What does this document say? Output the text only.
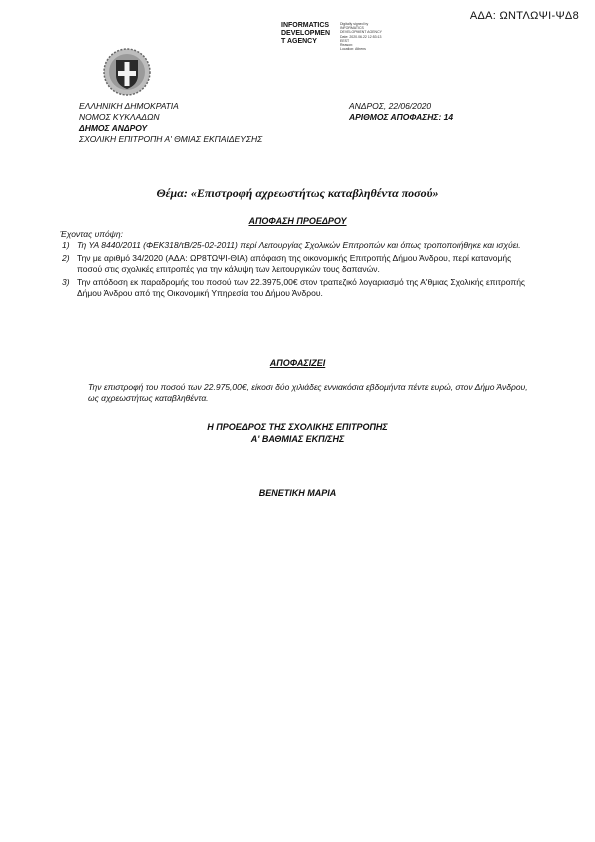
ΑΔΑ: ΩΝΤΛΩΨΙ-ΨΔ8
INFORMATICS
DEVELOPMEN
T AGENCY
Digitally signed by
INFORMATICS
DEVELOPMENT AGENCY
Date: 2020.06.22 12:53:13
EEST
Reason:
Location: Athens
ΕΛΛΗΝΙΚΗ ΔΗΜΟΚΡΑΤΙΑ
ΝΟΜΟΣ ΚΥΚΛΑΔΩΝ
ΔΗΜΟΣ ΑΝΔΡΟΥ
ΣΧΟΛΙΚΗ ΕΠΙΤΡΟΠΗ Α' ΘΜΙΑΣ ΕΚΠΑΙΔΕΥΣΗΣ
ΑΝΔΡΟΣ, 22/06/2020
ΑΡΙΘΜΟΣ ΑΠΟΦΑΣΗΣ: 14
Θέμα: «Επιστροφή αχρεωστήτως καταβληθέντα ποσού»
ΑΠΟΦΑΣΗ ΠΡΟΕΔΡΟΥ
Έχοντας υπόψη:
1) Τη ΥΑ 8440/2011 (ΦΕΚ318/τΒ/25-02-2011) περί Λειτουργίας Σχολικών Επιτροπών και όπως τροποποιήθηκε και ισχύει.
2) Την με αριθμό 34/2020 (ΑΔΑ: ΩΡ8ΤΩΨΙ-ΘΙΑ) απόφαση της οικονομικής Επιτροπής Δήμου Άνδρου, περί κατανομής ποσού στις σχολικές επιτροπές για την κάλυψη των λειτουργικών τους δαπανών.
3) Την απόδοση εκ παραδρομής του ποσού των 22.3975,00€ στον τραπεζικό λογαριασμό της Α'θμιας Σχολικής επιτροπής Δήμου Άνδρου από της Οικονομική Υπηρεσία του Δήμου Άνδρου.
ΑΠΟΦΑΣΙΖΕΙ
Την επιστροφή του ποσού των 22.975,00€, είκοσι δύο χιλιάδες εννιακόσια εβδομήντα πέντε ευρώ, στον Δήμο Άνδρου, ως αχρεωστήτως καταβληθέντα.
Η ΠΡΟΕΔΡΟΣ ΤΗΣ ΣΧΟΛΙΚΗΣ ΕΠΙΤΡΟΠΗΣ
Α' ΒΑΘΜΙΑΣ ΕΚΠ/ΣΗΣ
ΒΕΝΕΤΙΚΗ ΜΑΡΙΑ
